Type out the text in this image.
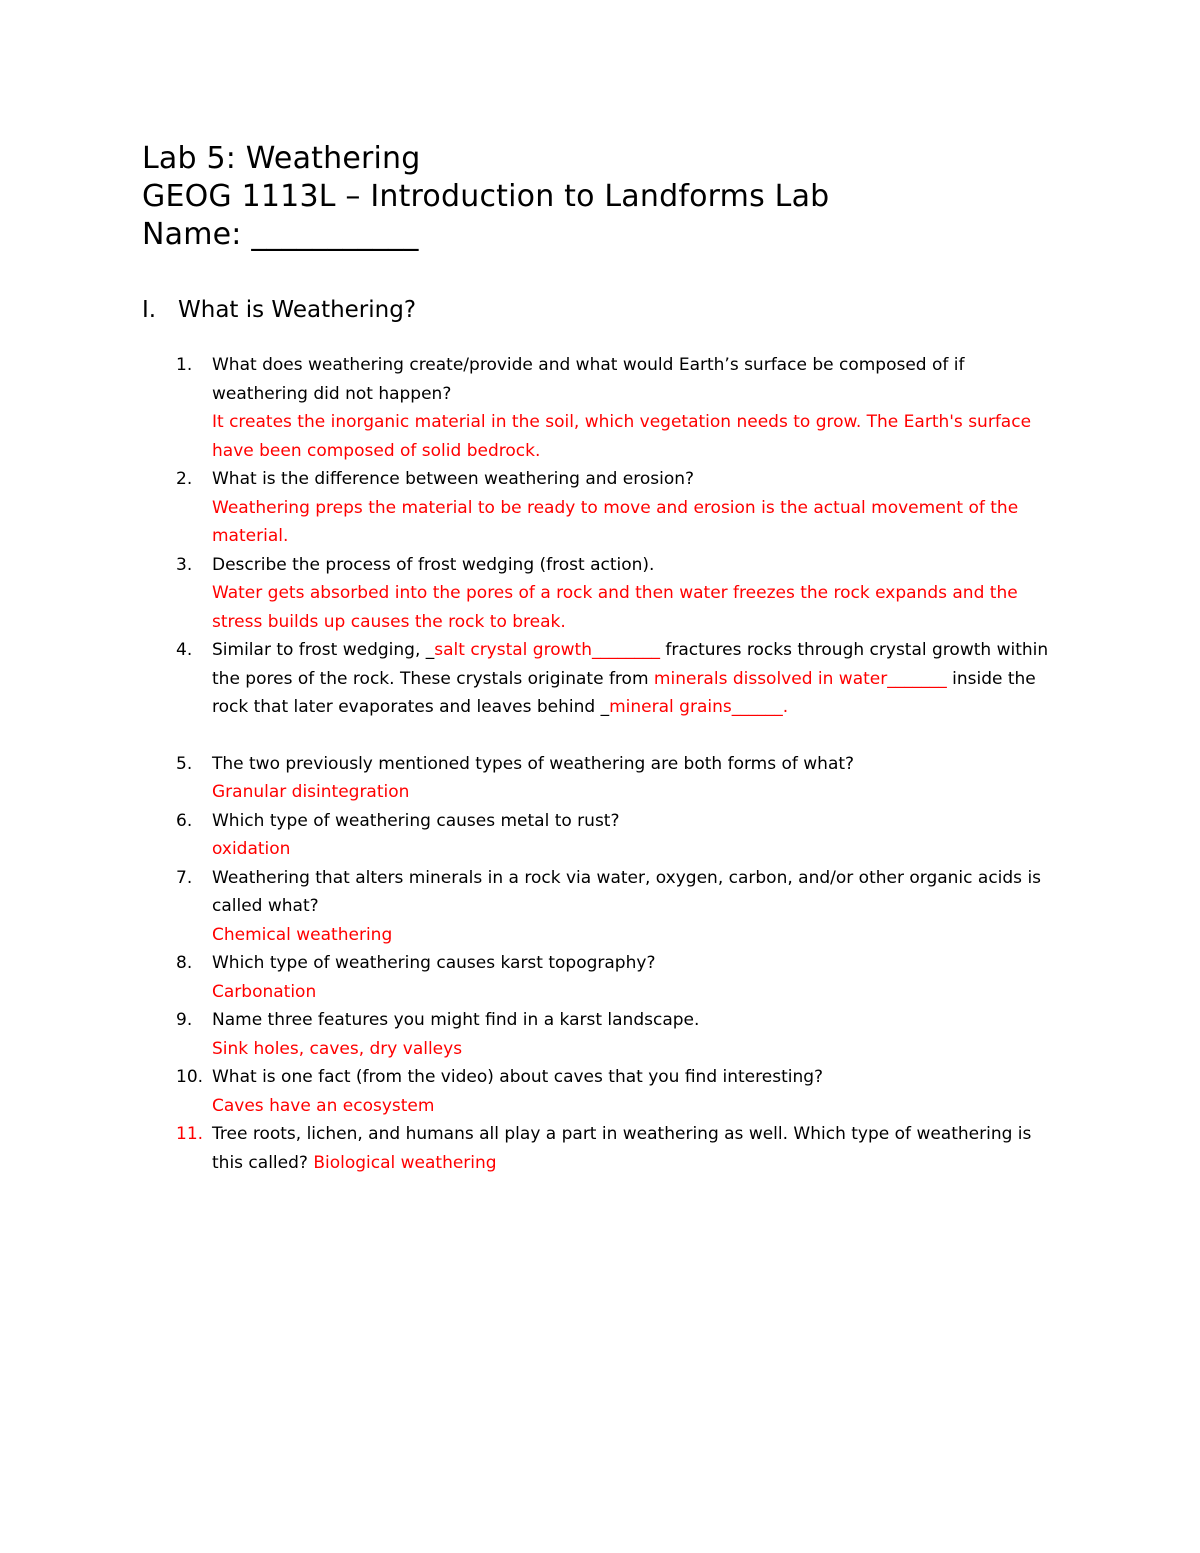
Lab 5: Weathering
GEOG 1113L – Introduction to Landforms Lab
Name: ___________
I. What is Weathering?
1.	What does weathering create/provide and what would Earth’s surface be composed of if weathering did not happen?
It creates the inorganic material in the soil, which vegetation needs to grow. The Earth's surface have been composed of solid bedrock.
2.	What is the difference between weathering and erosion?
Weathering preps the material to be ready to move and erosion is the actual movement of the material.
3.	Describe the process of frost wedging (frost action).
Water gets absorbed into the pores of a rock and then water freezes the rock expands and the stress builds up causes the rock to break.
4.	Similar to frost wedging, _salt crystal growth________ fractures rocks through crystal growth within the pores of the rock. These crystals originate from minerals dissolved in water_______ inside the rock that later evaporates and leaves behind _mineral grains______.
5.	The two previously mentioned types of weathering are both forms of what?
Granular disintegration
6.	Which type of weathering causes metal to rust?
oxidation
7.	Weathering that alters minerals in a rock via water, oxygen, carbon, and/or other organic acids is called what?
Chemical weathering
8.	Which type of weathering causes karst topography?
Carbonation
9.	Name three features you might find in a karst landscape.
Sink holes, caves, dry valleys
10. What is one fact (from the video) about caves that you find interesting?
Caves have an ecosystem
11. Tree roots, lichen, and humans all play a part in weathering as well. Which type of weathering is this called? Biological weathering
